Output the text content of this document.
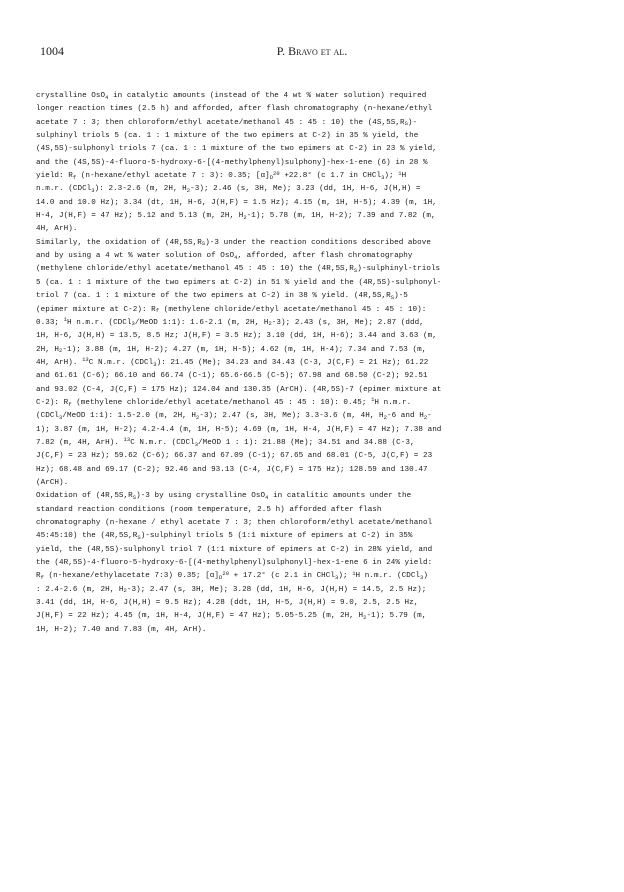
1004	P. Bravo et al.
crystalline OsO$_4$ in catalytic amounts (instead of the 4 wt % water solution) required
longer reaction times (2.5 h) and afforded, after flash chromatography (n-hexane/ethyl
acetate 7 : 3; then chloroform/ethyl acetate/methanol 45 : 45 : 10) the $(4S,5S,R_S)-$
sulphinyl triols 5 (ca. 1 : 1 mixture of the two epimers at C-2) in 35 % yield, the
(4S,5S)-sulphonyl triols 7 (ca. 1 : 1 mixture of the two epimers at C-2) in 23 % yield,
and the (4S,5S)-4-fluoro-5-hydroxy-6-[(4-methylphenyl)sulphony]-hex-1-ene (6) in 28 %
yield: $R_f$ (n-hexane/ethyl acetate 7 : 3): 0.35; $[\alpha]_D^{20} +22.8^\circ$ (c 1.7 in CHCl$_3$); $^1$H
n.m.r. (CDCl$_3$): 2.3-2.6 (m, 2H, $H_2-3$); 2.46 (s, 3H, Me); 3.23 (dd, 1H, H-6, J(H,H) =
14.0 and 10.0 Hz); 3.34 (dt, 1H, H-6, J(H,F) = 1.5 Hz); 4.15 (m, 1H, H-5); 4.39 (m, 1H,
H-4, J(H,F) = 47 Hz); 5.12 and 5.13 (m, 2H, $H_2-1$); 5.78 (m, 1H, H-2); 7.39 and 7.82 (m,
4H, ArH).
Similarly, the oxidation of $(4R,5S,R_S)-3$ under the reaction conditions described above
and by using a 4 wt % water solution of OsO$_4$, afforded, after flash chromatography
(methylene chloride/ethyl acetate/methanol 45 : 45 : 10) the $(4R,5S,R_S)-sulphinyl$-triols
5 (ca. 1 : 1 mixture of the two epimers at C-2) in 51 % yield and the (4R,5S)-sulphonyl-
triol 7 (ca. 1 : 1 mixture of the two epimers at C-2) in 38 % yield. $(4R,5S,R_S)-5$
(epimer mixture at C-2): $R_f$ (methylene chloride/ethyl acetate/methanol 45 : 45 : 10):
0.33; $^1$H n.m.r. (CDCl$_3$/MeOD 1:1): 1.6-2.1 (m, 2H, $H_2-3$); 2.43 (s, 3H, Me); 2.87 (ddd,
1H, H-6, J(H,H) = 13.5, 8.5 Hz; J(H,F) = 3.5 Hz); 3.10 (dd, 1H, H-6); 3.44 and 3.63 (m,
2H, $H_2-1$); 3.88 (m, 1H, H-2); 4.27 (m, 1H, H-5); 4.62 (m, 1H, H-4); 7.34 and 7.53 (m,
4H, ArH). $^{13}$C N.m.r. (CDCl$_3$): 21.45 (Me); 34.23 and 34.43 (C-3, J(C,F) = 21 Hz); 61.22
and 61.61 (C-6); 66.10 and 66.74 (C-1); 65.6-66.5 (C-5); 67.98 and 68.50 (C-2); 92.51
and 93.02 (C-4, J(C,F) = 175 Hz); 124.04 and 130.35 (ArCH). (4R,5S)-7 (epimer mixture at
C-2): $R_f$ (methylene chloride/ethyl acetate/methanol 45 : 45 : 10): 0.45; $^1$H n.m.r.
(CDCl$_3$/MeOD 1:1): 1.5-2.0 (m, 2H, $H_2-3$); 2.47 (s, 3H, Me); 3.3-3.6 (m, 4H, $H_2-6$ and $H_2-$
1); 3.87 (m, 1H, H-2); 4.2-4.4 (m, 1H, H-5); 4.69 (m, 1H, H-4, J(H,F) = 47 Hz); 7.38 and
7.82 (m, 4H, ArH). $^{13}$C N.m.r. (CDCl$_3$/MeOD 1 : 1): 21.88 (Me); 34.51 and 34.88 (C-3,
J(C,F) = 23 Hz); 59.62 (C-6); 66.37 and 67.09 (C-1); 67.65 and 68.01 (C-5, J(C,F) = 23
Hz); 68.48 and 69.17 (C-2); 92.46 and 93.13 (C-4, J(C,F) = 175 Hz); 128.59 and 130.47
(ArCH).
Oxidation of $(4R,5S,R_S)-3$ by using crystalline OsO$_4$ in catalitic amounts under the
standard reaction conditions (room temperature, 2.5 h) afforded after flash
chromatography (n-hexane / ethyl acetate 7 : 3; then chloroform/ethyl acetate/methanol
45:45:10) the $(4R,5S,R_S)$-sulphinyl triols 5 (1:1 mixture of epimers at C-2) in 35%
yield, the (4R,5S)-sulphonyl triol 7 (1:1 mixture of epimers at C-2) in 28% yield, and
the (4R,5S)-4-fluoro-5-hydroxy-6-[(4-methylphenyl)sulphonyl]-hex-1-ene 6 in 24% yield:
$R_f$ (n-hexane/ethylacetate 7:3) 0.35; $[\alpha]_D^{20} + 17.2^\circ$ (c 2.1 in CHCl$_3$); $^1$H n.m.r. (CDCl$_3$)
: 2.4-2.6 (m, 2H, $H_2-3$); 2.47 (s, 3H, Me); 3.28 (dd, 1H, H-6, J(H,H) = 14.5, 2.5 Hz);
3.41 (dd, 1H, H-6, J(H,H) = 9.5 Hz); 4.28 (ddt, 1H, H-5, J(H,H) = 9.0, 2.5, 2.5 Hz,
J(H,F) = 22 Hz); 4.45 (m, 1H, H-4, J(H,F) = 47 Hz); 5.05-5.25 (m, 2H, $H_2-1$); 5.79 (m,
1H, H-2); 7.40 and 7.83 (m, 4H, ArH).
